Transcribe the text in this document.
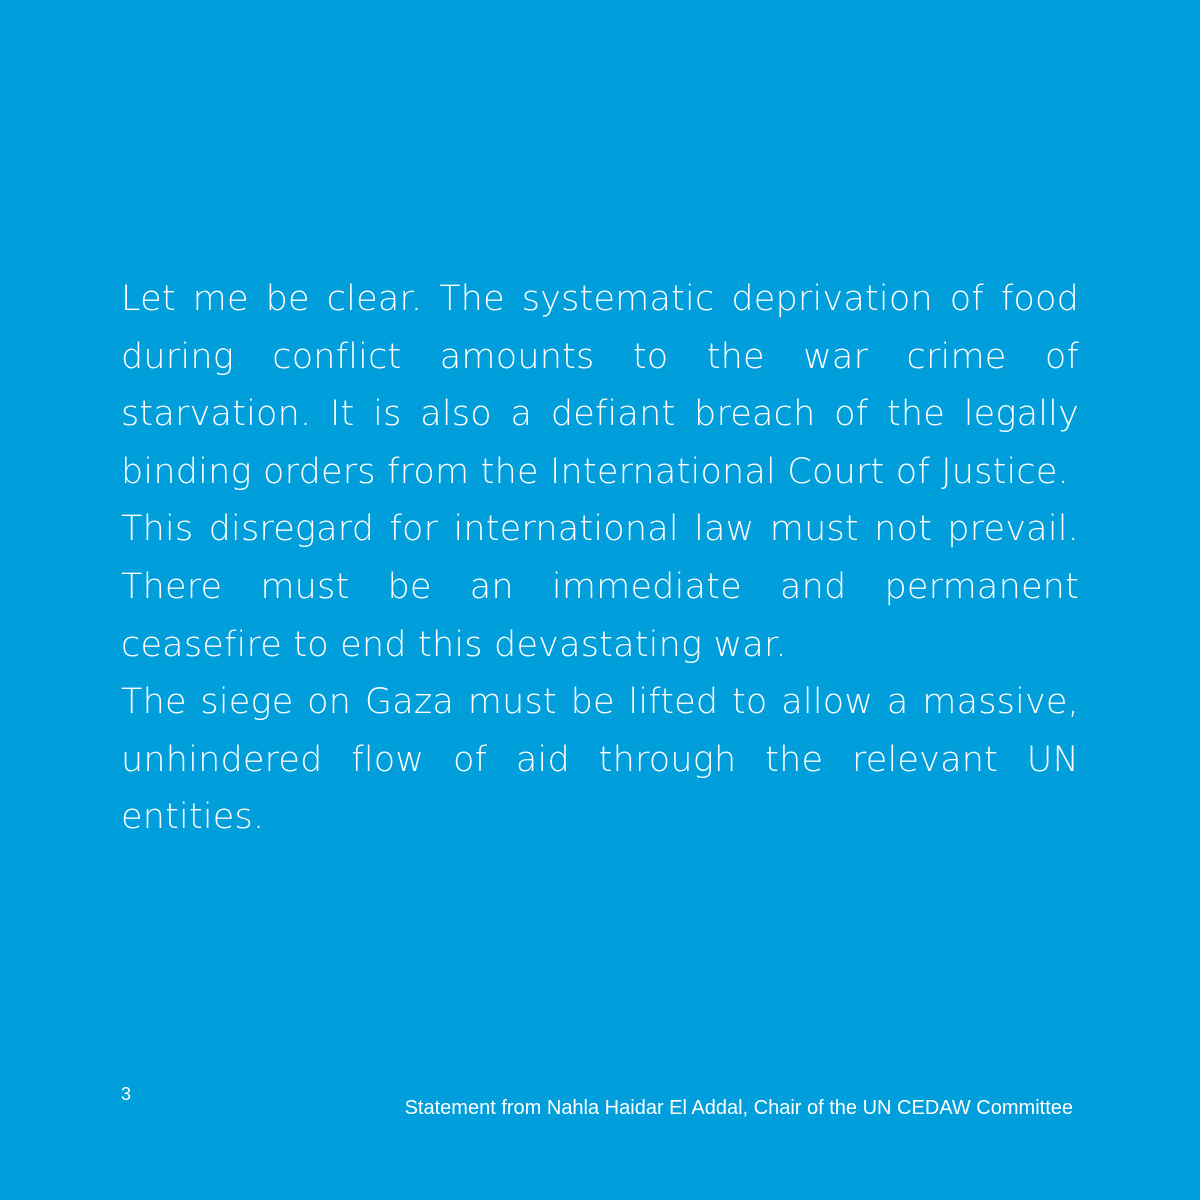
Let me be clear. The systematic deprivation of food during conflict amounts to the war crime of starvation. It is also a defiant breach of the legally binding orders from the International Court of Justice.

This disregard for international law must not prevail. There must be an immediate and permanent ceasefire to end this devastating war.

The siege on Gaza must be lifted to allow a massive, unhindered flow of aid through the relevant UN entities.

3
Statement from Nahla Haidar El Addal, Chair of the UN CEDAW Committee
